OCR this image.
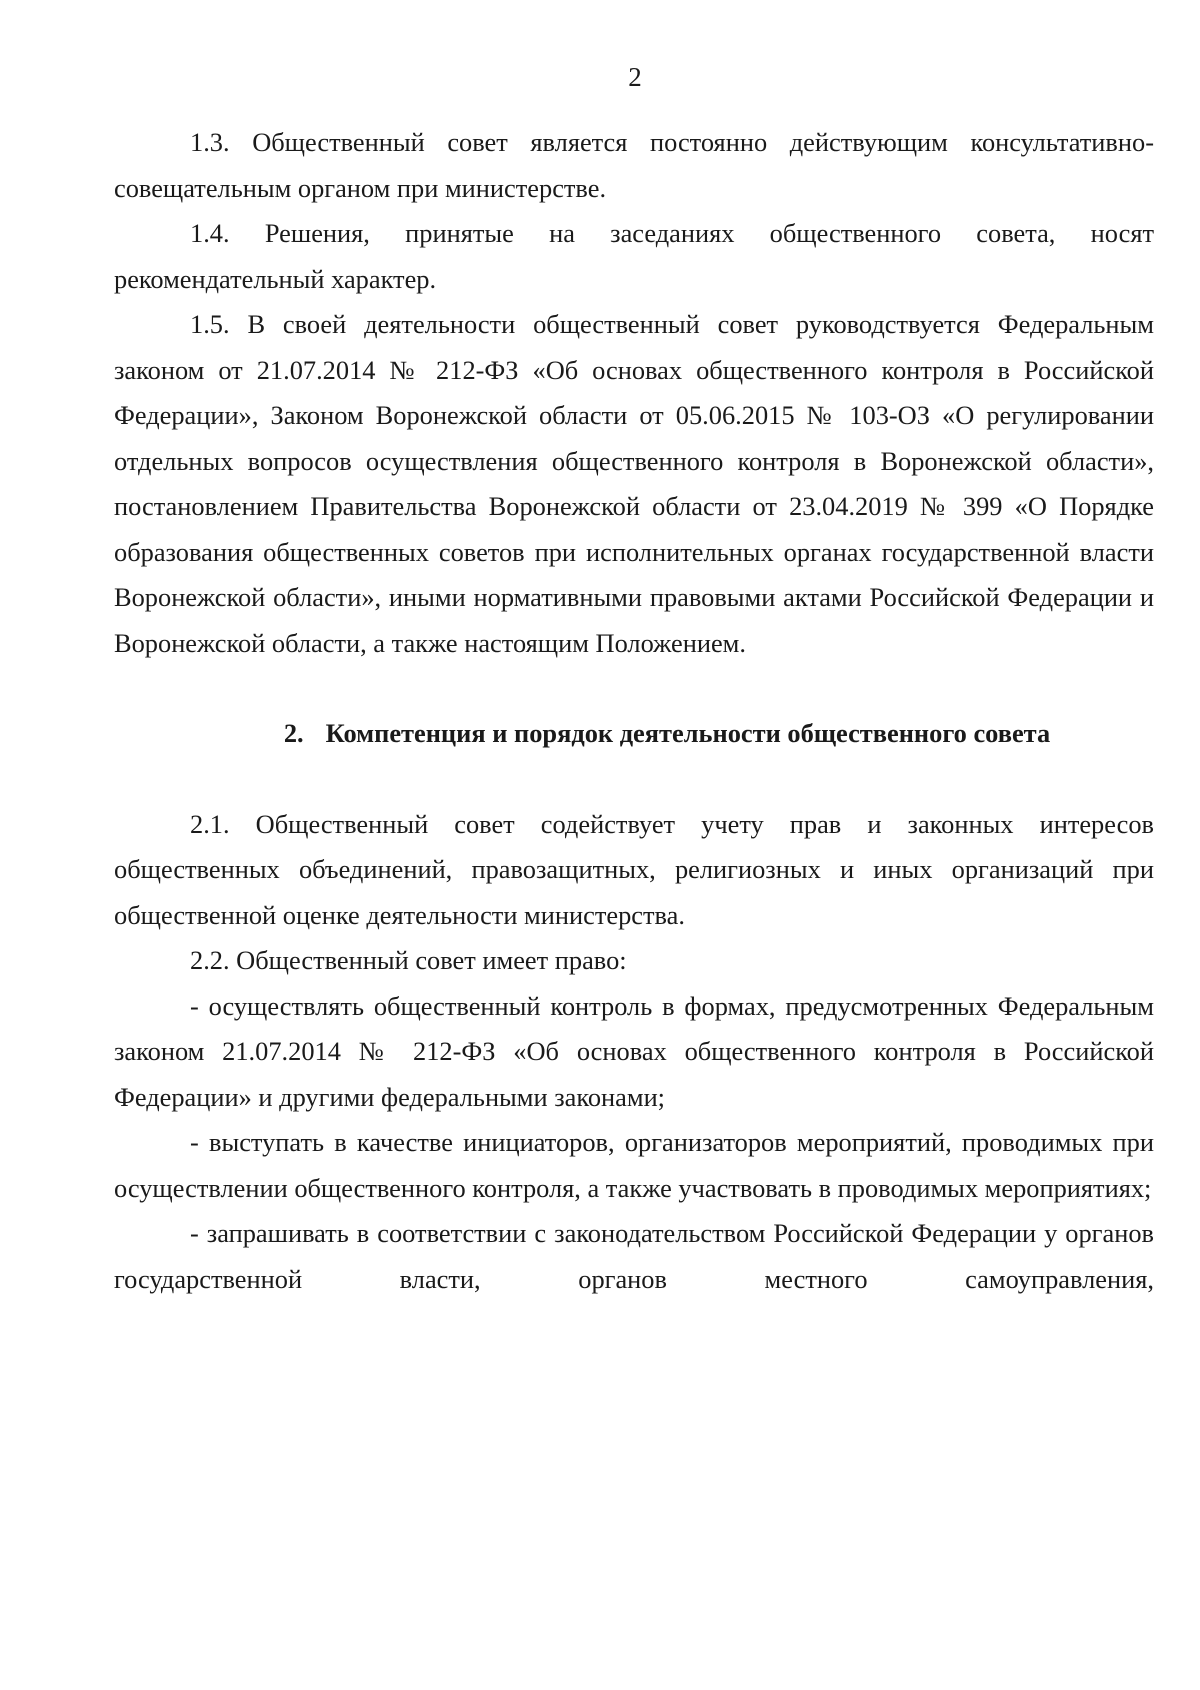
2

1.3. Общественный совет является постоянно действующим консультативно-совещательным органом при министерстве.

1.4. Решения, принятые на заседаниях общественного совета, носят рекомендательный характер.

1.5. В своей деятельности общественный совет руководствуется Федеральным законом от 21.07.2014 № 212-ФЗ «Об основах общественного контроля в Российской Федерации», Законом Воронежской области от 05.06.2015 № 103-ОЗ «О регулировании отдельных вопросов осуществления общественного контроля в Воронежской области», постановлением Правительства Воронежской области от 23.04.2019 № 399 «О Порядке образования общественных советов при исполнительных органах государственной власти Воронежской области», иными нормативными правовыми актами Российской Федерации и Воронежской области, а также настоящим Положением.

2. Компетенция и порядок деятельности общественного совета

2.1. Общественный совет содействует учету прав и законных интересов общественных объединений, правозащитных, религиозных и иных организаций при общественной оценке деятельности министерства.

2.2. Общественный совет имеет право:

- осуществлять общественный контроль в формах, предусмотренных Федеральным законом 21.07.2014 № 212-ФЗ «Об основах общественного контроля в Российской Федерации» и другими федеральными законами;

- выступать в качестве инициаторов, организаторов мероприятий, проводимых при осуществлении общественного контроля, а также участвовать в проводимых мероприятиях;

- запрашивать в соответствии с законодательством Российской Федерации у органов государственной власти, органов местного самоуправления,
